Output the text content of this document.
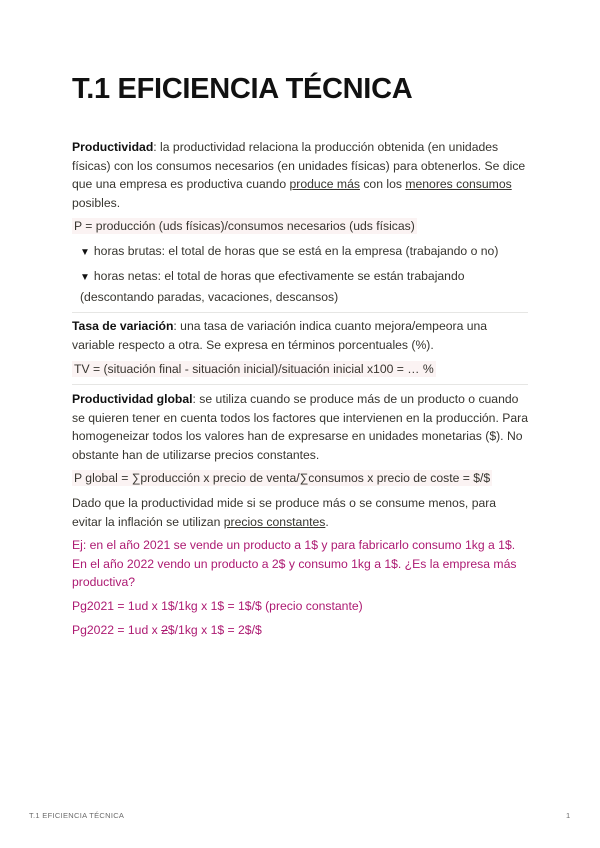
T.1 EFICIENCIA TÉCNICA
Productividad: la productividad relaciona la producción obtenida (en unidades físicas) con los consumos necesarios (en unidades físicas) para obtenerlos. Se dice que una empresa es productiva cuando produce más con los menores consumos posibles.
P = producción (uds físicas)/consumos necesarios (uds físicas)
▼ horas brutas: el total de horas que se está en la empresa (trabajando o no)
▼ horas netas: el total de horas que efectivamente se están trabajando (descontando paradas, vacaciones, descansos)
Tasa de variación: una tasa de variación indica cuanto mejora/empeora una variable respecto a otra. Se expresa en términos porcentuales (%).
TV = (situación final - situación inicial)/situación inicial x100 = … %
Productividad global: se utiliza cuando se produce más de un producto o cuando se quieren tener en cuenta todos los factores que intervienen en la producción. Para homogeneizar todos los valores han de expresarse en unidades monetarias ($). No obstante han de utilizarse precios constantes.
P global = ∑producción x precio de venta/∑consumos x precio de coste = $/$
Dado que la productividad mide si se produce más o se consume menos, para evitar la inflación se utilizan precios constantes.
Ej: en el año 2021 se vende un producto a 1$ y para fabricarlo consumo 1kg a 1$. En el año 2022 vendo un producto a 2$ y consumo 1kg a 1$. ¿Es la empresa más productiva?
Pg2021 = 1ud x 1$/1kg x 1$ = 1$/$ (precio constante)
Pg2022 = 1ud x 2$/1kg x 1$ = 2$/$
T.1 EFICIENCIA TÉCNICA	1
